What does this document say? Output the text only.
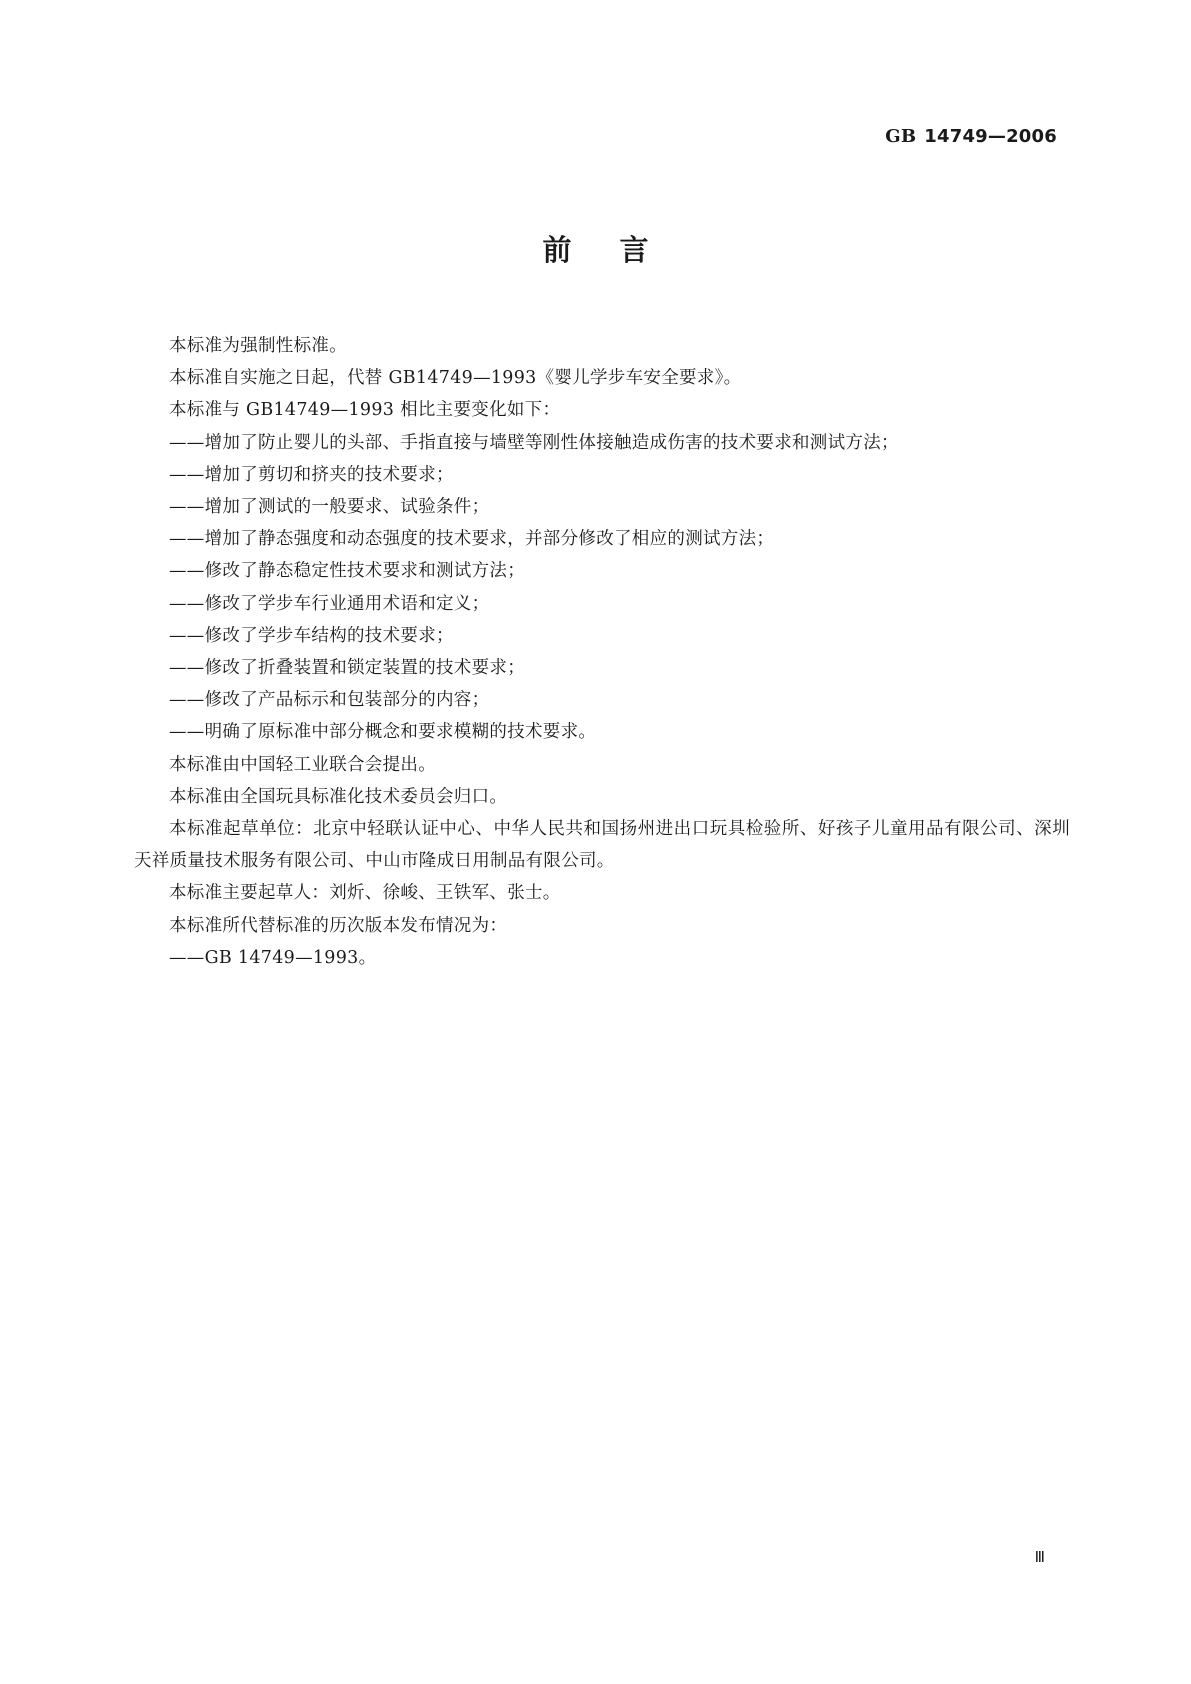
GB 14749—2006

前言

本标准为强制性标准。

本标准自实施之日起，代替 GB14749—1993《婴儿学步车安全要求》。

本标准与 GB14749—1993 相比主要变化如下：

——增加了防止婴儿的头部、手指直接与墙壁等刚性体接触造成伤害的技术要求和测试方法；

——增加了剪切和挤夹的技术要求；

——增加了测试的一般要求、试验条件；

——增加了静态强度和动态强度的技术要求，并部分修改了相应的测试方法；

——修改了静态稳定性技术要求和测试方法；

——修改了学步车行业通用术语和定义；

——修改了学步车结构的技术要求；

——修改了折叠装置和锁定装置的技术要求；

——修改了产品标示和包装部分的内容；

——明确了原标准中部分概念和要求模糊的技术要求。

本标准由中国轻工业联合会提出。

本标准由全国玩具标准化技术委员会归口。

本标准起草单位：北京中轻联认证中心、中华人民共和国扬州进出口玩具检验所、好孩子儿童用品有限公司、深圳天祥质量技术服务有限公司、中山市隆成日用制品有限公司。

本标准主要起草人：刘炘、徐峻、王铁军、张士。

本标准所代替标准的历次版本发布情况为：

——GB 14749—1993。

Ⅲ
